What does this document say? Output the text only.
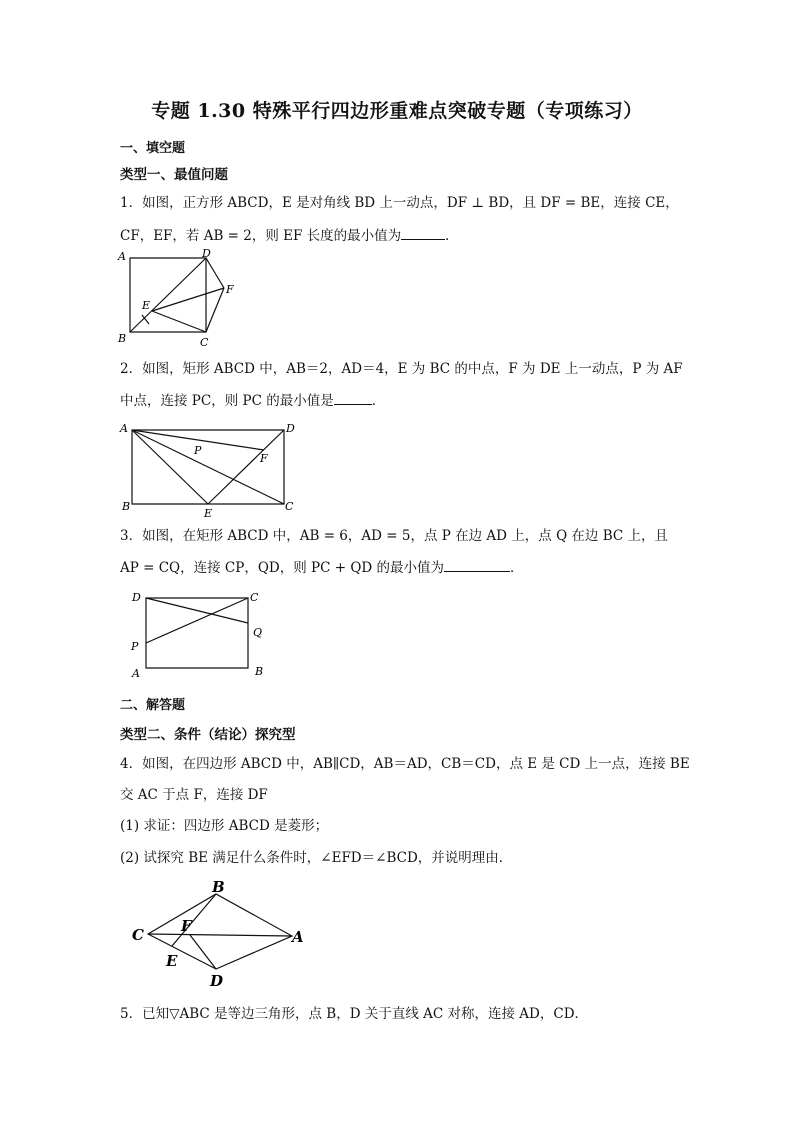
专题 1.30 特殊平行四边形重难点突破专题（专项练习）
一、填空题
类型一、最值问题
1．如图，正方形 ABCD，E 是对角线 BD 上一动点，DF ⊥ BD，且 DF = BE，连接 CE，
CF，EF，若 AB = 2，则 EF 长度的最小值为	．
A	D
F
E
B	C
2．如图，矩形 ABCD 中，AB＝2，AD＝4，E 为 BC 的中点，F 为 DE 上一动点，P 为 AF
中点，连接 PC，则 PC 的最小值是	．
A	D
P
F
B
E
C
3．如图，在矩形 ABCD 中，AB = 6，AD = 5，点 P 在边 AD 上，点 Q 在边 BC 上，且
AP = CQ，连接 CP，QD，则 PC + QD 的最小值为	．
D	C
Q
P
A	B
二、解答题
类型二、条件（结论）探究型
4．如图，在四边形 ABCD 中，AB∥CD，AB＝AD，CB＝CD，点 E 是 CD 上一点，连接 BE
交 AC 于点 F，连接 DF
(1) 求证：四边形 ABCD 是菱形；
(2) 试探究 BE 满足什么条件时，∠EFD＝∠BCD，并说明理由．
B
C F
A
E
D
5．已知▽ABC 是等边三角形，点 B，D 关于直线 AC 对称，连接 AD，CD．
